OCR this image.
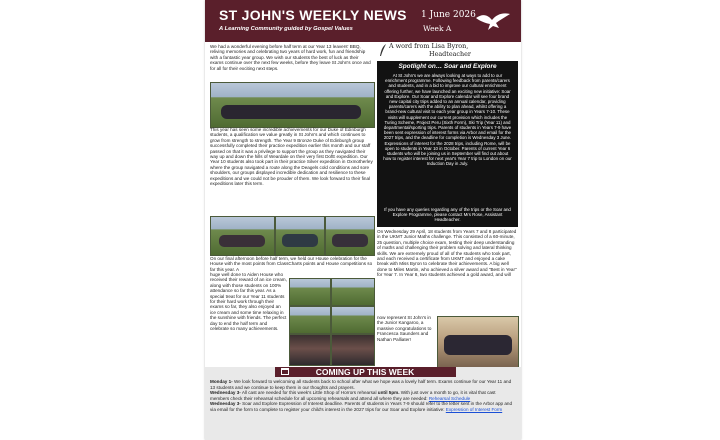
ST JOHN'S WEEKLY NEWS
A Learning Community guided by Gospel Values
1 June 2026
Week A
We had a wonderful evening before half term at our Year 13 leavers' BBQ, reliving memories and celebrating two years of hard work, fun and friendship with a fantastic year group. We wish our students the best of luck as their exams continue over the next few weeks, before they leave St John's once and for all for their exciting next steps.
This year has seen some incredible achievements for our Duke of Edinburgh students, a qualification we value greatly in St John's and which continues to grow from strength to strength. The Year 9 Bronze Duke of Edinburgh group successfully completed their practice expedition earlier this month and our staff passed on that it was a privilege to support the group as they navigated their way up and down the hills of Weardale on their very first DofE expedition. Our Year 10 students also took part in their practice Silver expedition in Oxmotherley where the group navigated a route along the Deagels cold conditions and sore shoulders, our groups displayed incredible dedication and resilience to these expeditions and we could not be prouder of them. We look forward to their final expeditions later this term.
On our final afternoon before half term, we held our House celebration for the House with the most points from ClassCharts points and House competitions so far this year. A
huge well done to Aiden House who received their reward of an ice cream, along with those students on 100% attendance so far this year. As a special treat for our Year 11 students for their hard work through their exams so far, they also enjoyed an ice cream and some time relaxing in the sunshine with friends. The perfect day to end the half term and celebrate so many achievements.
A word from Lisa Byron,
Headteacher
Spotlight on… Soar and Explore
At St John's we are always looking at ways to add to our enrichment programme. Following feedback from parents/carers and students, and in a bid to improve our cultural enrichment offering further, we have launched an exciting new initiative: Soar and Explore. Our Soar and Explore calendar will see four brand new capital city trips added to an annual calendar, providing parents/carers with the ability to plan ahead, whilst offering a brand-new cultural visit to each year group in Years 7-10. These visits will supplement our current provision which includes the Turing Scheme, Project Peru (Sixth Form), Ski Trip (Year 11) and departmental/sporting trips. Parents of students in Years 7-9 have been sent expression of interest forms via Arbor and email for the 2027 trips, and the deadline for completion is Wednesday 3 June. Expressions of interest for the 2028 trips, including Rome, will be open to students in Year 10 in October. Parents of current Year 6 students who will be joining us in September will find out about how to register interest for next year's Year 7 trip to London on our Induction Day in July.
If you have any queries regarding any of the trips or the Soar and Explore Programme, please contact Mrs Rose, Assistant Headteacher.
On Wednesday 29 April, 18 students from Years 7 and 8 participated in the UKMT Junior Maths challenge. This consisted of a 60-minute, 25 question, multiple choice exam, testing their deep understanding of maths and challenging their problem solving and lateral thinking skills. We are extremely proud of all of the students who took part, and each received a certificate from UKMT and enjoyed a cake break with Miss Byron to celebrate their achievements. A big well done to Miles Martin, who achieved a silver award and "Best in Year" for Year 7. In Year 8, two students achieved a gold award, and will
now represent St John's in the Junior Kangaroo, a massive congratulations to Francesca Saunders and Nathan Palliater!
COMING UP THIS WEEK
Monday 1- We look forward to welcoming all students back to school after what we hope was a lovely half term. Exams continue for our Year 11 and 13 students and we continue to keep them in our thoughts and prayers.
Wednesday 3- All cast are needed for this week's Little Shop of Horrors rehearsal until 5pm. With just over a month to go, it is vital that cast members check their rehearsal schedule for all upcoming rehearsals and attend all where they are needed: Rehearsal Schedule
Wednesday 3- Soar and Explore Expression of Interest deadline. Parents of students in Years 7-9 should refer to the letter sent in the Arbor app and via email for the form to complete to register your child's interest in the 2027 trips for our Soar and Explore initiative: Expression of Interest Form
